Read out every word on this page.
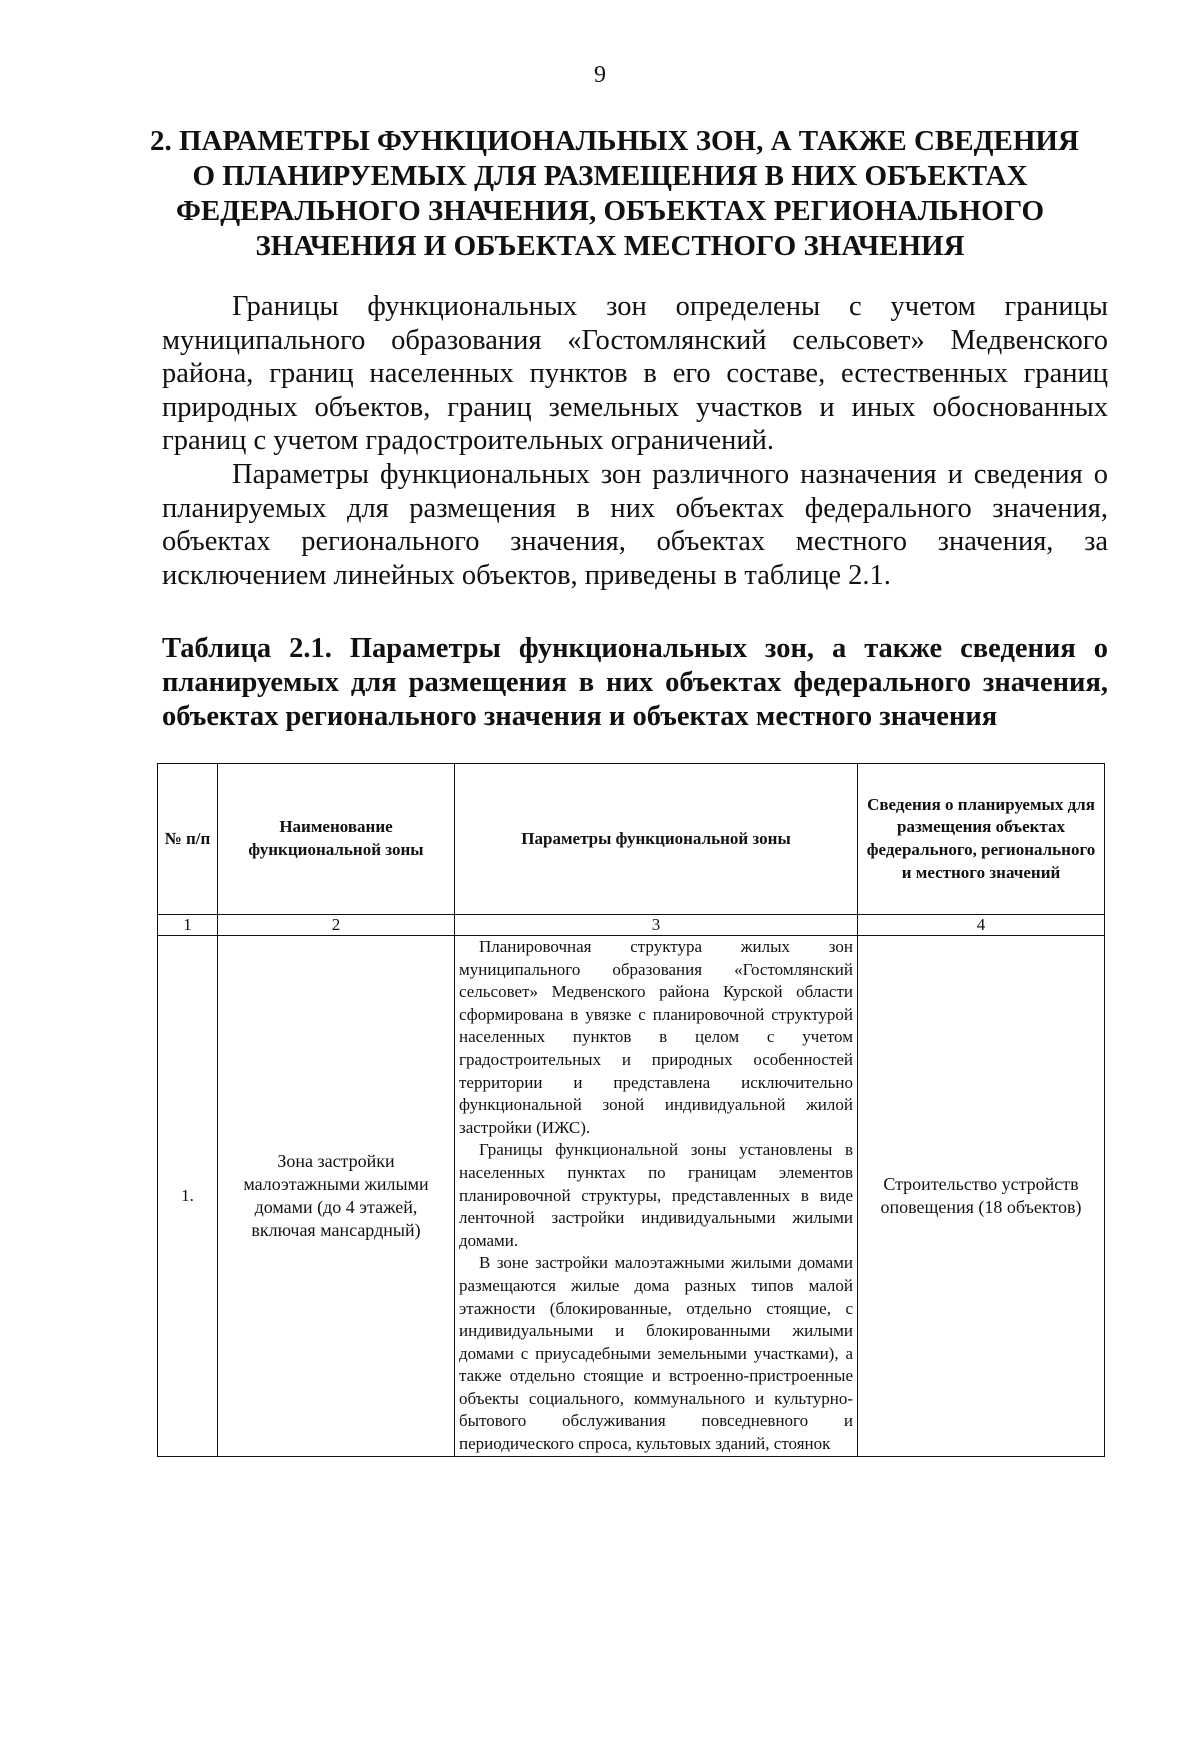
9
2. ПАРАМЕТРЫ ФУНКЦИОНАЛЬНЫХ ЗОН, А ТАКЖЕ СВЕДЕНИЯ
О ПЛАНИРУЕМЫХ ДЛЯ РАЗМЕЩЕНИЯ В НИХ ОБЪЕКТАХ
ФЕДЕРАЛЬНОГО ЗНАЧЕНИЯ, ОБЪЕКТАХ РЕГИОНАЛЬНОГО
ЗНАЧЕНИЯ И ОБЪЕКТАХ МЕСТНОГО ЗНАЧЕНИЯ

Границы функциональных зон определены с учетом границы муниципального образования «Гостомлянский сельсовет» Медвенского района, границ населенных пунктов в его составе, естественных границ природных объектов, границ земельных участков и иных обоснованных границ с учетом градостроительных ограничений.

Параметры функциональных зон различного назначения и сведения о планируемых для размещения в них объектах федерального значения, объектах регионального значения, объектах местного значения, за исключением линейных объектов, приведены в таблице 2.1.

Таблица 2.1. Параметры функциональных зон, а также сведения о планируемых для размещения в них объектах федерального значения, объектах регионального значения и объектах местного значения
№ п/п	Наименование функциональной зоны	Параметры функциональной зоны	Сведения о планируемых для размещения объектах федерального, регионального и местного значений
1	2	3	4
1.	Зона застройки малоэтажными жилыми домами (до 4 этажей, включая мансардный)	Планировочная структура жилых зон муниципального образования «Гостомлянский сельсовет» Медвенского района Курской области сформирована в увязке с планировочной структурой населенных пунктов в целом с учетом градостроительных и природных особенностей территории и представлена исключительно функциональной зоной индивидуальной жилой застройки (ИЖС).

Границы функциональной зоны установлены в населенных пунктах по границам элементов планировочной структуры, представленных в виде ленточной застройки индивидуальными жилыми домами.

В зоне застройки малоэтажными жилыми домами размещаются жилые дома разных типов малой этажности (блокированные, отдельно стоящие, с индивидуальными и блокированными жилыми домами с приусадебными земельными участками), а также отдельно стоящие и встроенно-пристроенные объекты социального, коммунального и культурно-бытового обслуживания повседневного и периодического спроса, культовых зданий, стоянок	Строительство устройств оповещения (18 объектов)
